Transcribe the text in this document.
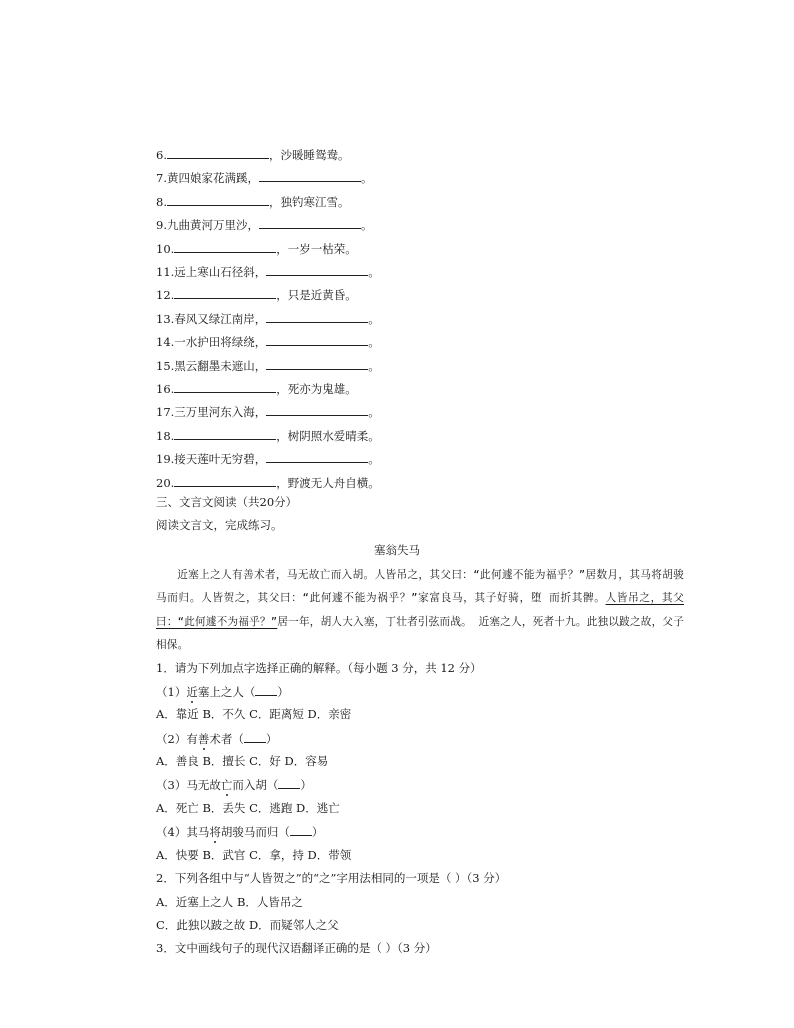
6.	，沙暖睡鸳鸯。
7.黄四娘家花满蹊，	。
8.	，独钓寒江雪。
9.九曲黄河万里沙，	。
10.	，一岁一枯荣。
11.远上寒山石径斜，	。
12.	，只是近黄昏。
13.春风又绿江南岸，	。
14.一水护田将绿绕，	。
15.黑云翻墨未遮山，	。
16.	，死亦为鬼雄。
17.三万里河东入海，	。
18.	，树阴照水爱晴柔。
19.接天莲叶无穷碧，	。
20.	，野渡无人舟自横。
三、文言文阅读（共20分）
阅读文言文，完成练习。
塞翁失马
近塞上之人有善术者，马无故亡而入胡。人皆吊之，其父曰：“此何遽不能为福乎？”居数月，其马将胡骏马而归。人皆贺之，其父曰：“此何遽不能为祸乎？”家富良马，其子好骑，堕 而折其髀。人皆吊之，其父曰：“此何遽不为福乎？”居一年，胡人大入塞，丁壮者引弦而战。 近塞之人，死者十九。此独以跛之故，父子相保。
1．请为下列加点字选择正确的解释。（每小题 3 分，共 12 分）
（1）近塞上之人（ ）
A．靠近 B．不久 C．距离短 D．亲密
（2）有善术者（ ）
A．善良 B．擅长 C．好 D．容易
（3）马无故亡而入胡（ ）
A．死亡 B．丢失 C．逃跑 D．逃亡
（4）其马将胡骏马而归（ ）
A．快要 B．武官 C．拿，持 D．带领
2．下列各组中与“人皆贺之”的“之”字用法相同的一项是（ ）（3 分）
A．近塞上之人 B．人皆吊之
C．此独以跛之故 D．而疑邻人之父
3．文中画线句子的现代汉语翻译正确的是（ ）（3 分）
